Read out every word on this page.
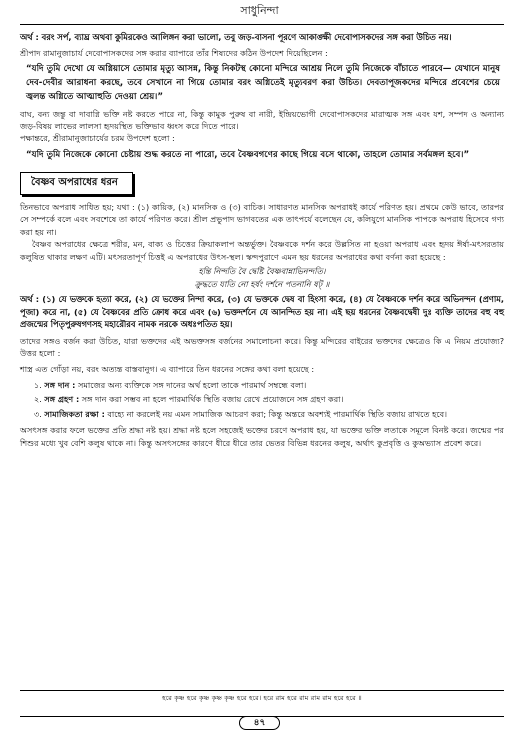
সাধুনিন্দা

অর্থ : বরং সর্প, ব্যাঘ্র অথবা কুমিরকেও আলিঙ্গন করা ভালো, তবু জড়-বাসনা পূরণে আকাঙ্ক্ষী দেবোপাসকদের সঙ্গ করা উচিত নয়।

শ্রীপাদ রামানুজাচার্য দেবোপাসকদের সঙ্গ করার ব্যাপারে তাঁর শিষ্যদের কঠিন উপদেশ দিয়েছিলেন :

“যদি তুমি দেখো যে অগ্নিয়াসে তোমার মৃত্যু আসন্ন, কিন্তু নিকটস্থ কোনো মন্দিরে আশ্রয় নিলে তুমি নিজেকে বাঁচাতে পারবে— যেখানে মানুষ দেব-দেবীর আরাধনা করছে, তবে সেখানে না গিয়ে তোমার বরং অগ্নিতেই মৃত্যুবরণ করা উচিত। দেবতাপূজকদের মন্দিরে প্রবেশের চেয়ে জ্বলন্ত অগ্নিতে আত্মাহুতি দেওয়া শ্রেয়।”

বাঘ, বন্য জন্তু বা দাবাগ্নি ভক্তি নষ্ট করতে পারে না, কিন্তু কামুক পুরুষ বা নারী, ইন্দ্রিয়ভোগী দেবোপাসকদের মারাত্মক সঙ্গ এবং যশ, সম্পদ ও অন্যান্য জড়-বিষয় লাভের লালসা হৃদয়স্থিত ভক্তিভাব ধ্বংস করে দিতে পারে।

পক্ষান্তরে, শ্রীরামানুজাচার্যের চরম উপদেশ হলো :

“যদি তুমি নিজেকে কোনো চেষ্টায় শুদ্ধ করতে না পারো, তবে বৈষ্ণবগণের কাছে গিয়ে বসে থাকো, তাহলে তোমার সর্বমঙ্গল হবে।”

বৈষ্ণব অপরাধের ধরন

তিনভাবে অপরাধ সাধিত হয়; যথা : (১) কায়িক, (২) মানসিক ও (৩) বাচিক। সাধারণত মানসিক অপরাধই কার্যে পরিণত হয়। প্রথমে কেউ ভাবে, তারপর সে সম্পর্কে বলে এবং সবশেষে তা কার্যে পরিণত করে। শ্রীল প্রভুপাদ ভাগবতের এক তাৎপর্যে বলেছেন যে, কলিযুগে মানসিক পাপকে অপরাধ হিসেবে গণ্য করা হয় না।

বৈষ্ণব অপরাধের ক্ষেত্রে শরীর, মন, বাক্য ও চিত্তের ক্রিয়াকলাপ অন্তর্ভুক্ত। বৈষ্ণবকে দর্শন করে উল্লসিত না হওয়া অপরাধ এবং হৃদয় ঈর্ষা-মৎসরতায় কলুষিত থাকার লক্ষণ এটি। মৎসরতাপূর্ণ চিত্তই এ অপরাধের উৎস-স্থল। স্কন্দপুরাণে এমন ছয় ধরনের অপরাধের কথা বর্ণনা করা হয়েছে :

হন্তি নিন্দতি বৈ দ্বেষ্টি বৈষ্ণবান্নাভিনন্দতি।
ক্রুদ্ধতে যাতি নো হর্ষং দর্শনে পতনানি ষট্ ॥

অর্থ : (১) যে ভক্তকে হত্যা করে, (২) যে ভক্তের নিন্দা করে, (৩) যে ভক্তকে দ্বেষ বা হিংসা করে, (৪) যে বৈষ্ণবকে দর্শন করে অভিনন্দন (প্রণাম, পূজা) করে না, (৫) যে বৈষ্ণবের প্রতি ক্রোধ করে এবং (৬) ভক্তদর্শনে যে আনন্দিত হয় না। এই ছয় ধরনের বৈষ্ণবদ্বেষী দুঃ ব্যক্তি তাদের বহু বহু প্রজন্মের পিতৃপুরুষগণসহ মহারৌরব নামক নরকে অধঃপতিত হয়।

তাদের সঙ্গও বর্জন করা উচিত, যারা ভক্তদের এই অভক্তসঙ্গ বর্জনের সমালোচনা করে। কিন্তু মন্দিরের বাইরের ভক্তদের ক্ষেত্রেও কি এ নিয়ম প্রযোজ্য? উত্তর হলো :

শাস্ত্র এত গোঁড়া নয়, বরং অত্যন্ত বাস্তবানুগ। এ ব্যাপারে তিন ধরনের সঙ্গের কথা বলা হয়েছে :

১. সঙ্গ দান : সমাজের অন্য ব্যক্তিকে সঙ্গ দানের অর্থ হলো তাকে পারমার্থ সম্বন্ধে বলা।
২. সঙ্গ গ্রহণ : সঙ্গ দান করা সম্ভব না হলে পারমার্থিক স্থিতি বজায় রেখে প্রয়োজনে সঙ্গ গ্রহণ করা।
৩. সামাজিকতা রক্ষা : বাহ্যে না করলেই নয় এমন সামাজিক আচরণ করা; কিন্তু অন্তরে অবশ্যই পারমার্থিক স্থিতি বজায় রাখতে হবে।

অসৎসঙ্গ করার ফলে ভক্তের প্রতি শ্রদ্ধা নষ্ট হয়। শ্রদ্ধা নষ্ট হলে সহজেই ভক্তের চরণে অপরাধ হয়, যা ভক্তের ভক্তি লতাকে সমূলে বিনষ্ট করে। জন্মের পর শিশুর মধ্যে খুব বেশি কলুষ থাকে না। কিন্তু অসৎসঙ্গের কারণে ধীরে ধীরে তার ভেতর বিভিন্ন ধরনের কলুষ, অর্থাৎ কুপ্রবৃত্তি ও কুঅভ্যাস প্রবেশ করে।

হরে কৃষ্ণ হরে কৃষ্ণ কৃষ্ণ কৃষ্ণ হরে হরে। হরে রাম হরে রাম রাম রাম হরে হরে ॥
৪৭
